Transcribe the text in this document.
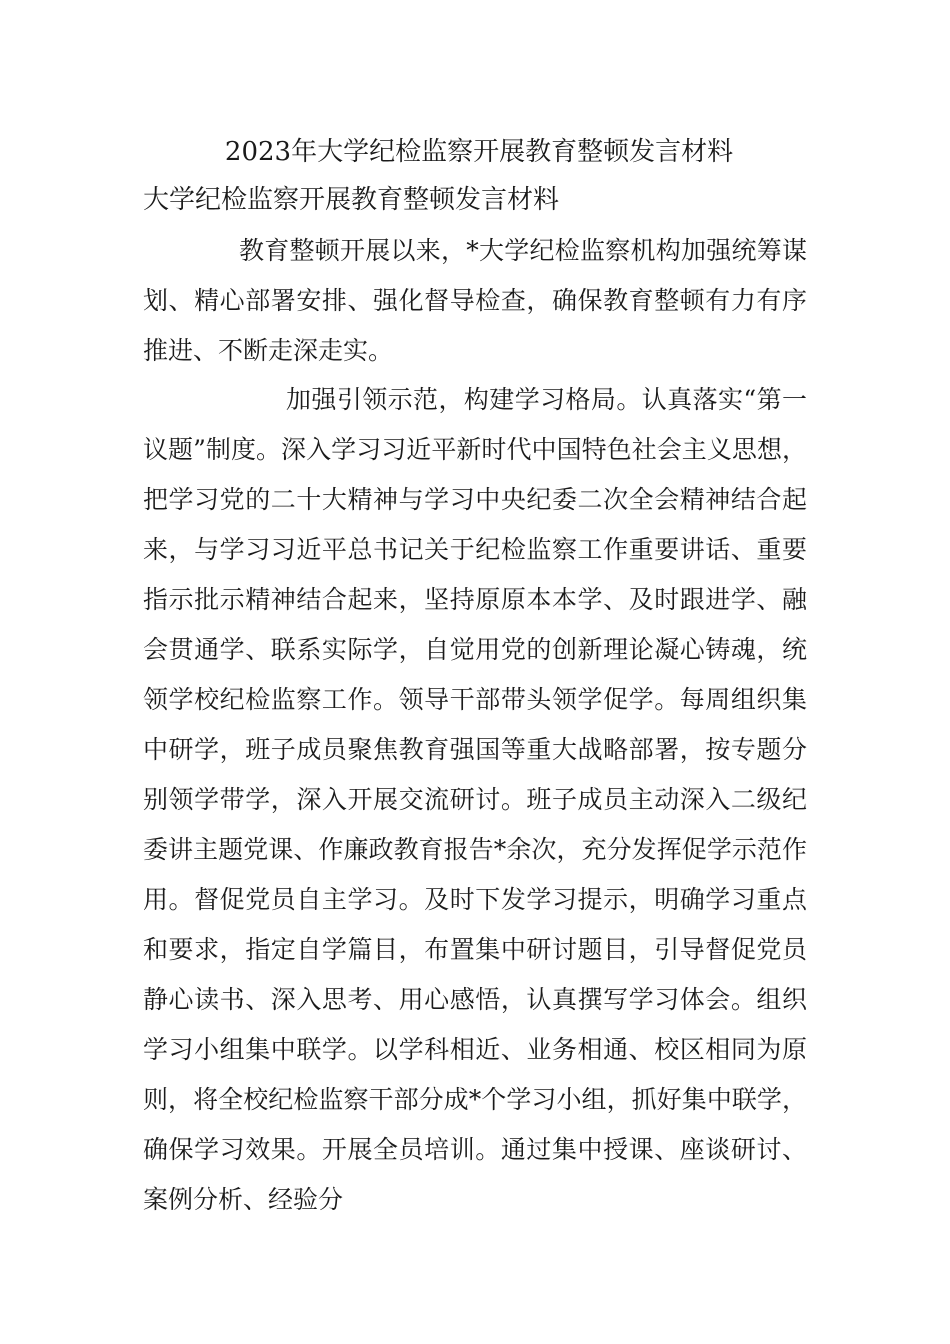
2023年大学纪检监察开展教育整顿发言材料
大学纪检监察开展教育整顿发言材料

教育整顿开展以来，*大学纪检监察机构加强统筹谋划、精心部署安排、强化督导检查，确保教育整顿有力有序推进、不断走深走实。

加强引领示范，构建学习格局。认真落实“第一议题”制度。深入学习习近平新时代中国特色社会主义思想，把学习党的二十大精神与学习中央纪委二次全会精神结合起来，与学习习近平总书记关于纪检监察工作重要讲话、重要指示批示精神结合起来，坚持原原本本学、及时跟进学、融会贯通学、联系实际学，自觉用党的创新理论凝心铸魂，统领学校纪检监察工作。领导干部带头领学促学。每周组织集中研学，班子成员聚焦教育强国等重大战略部署，按专题分别领学带学，深入开展交流研讨。班子成员主动深入二级纪委讲主题党课、作廉政教育报告*余次，充分发挥促学示范作用。督促党员自主学习。及时下发学习提示，明确学习重点和要求，指定自学篇目，布置集中研讨题目，引导督促党员静心读书、深入思考、用心感悟，认真撰写学习体会。组织学习小组集中联学。以学科相近、业务相通、校区相同为原则，将全校纪检监察干部分成*个学习小组，抓好集中联学，确保学习效果。开展全员培训。通过集中授课、座谈研讨、案例分析、经验分
